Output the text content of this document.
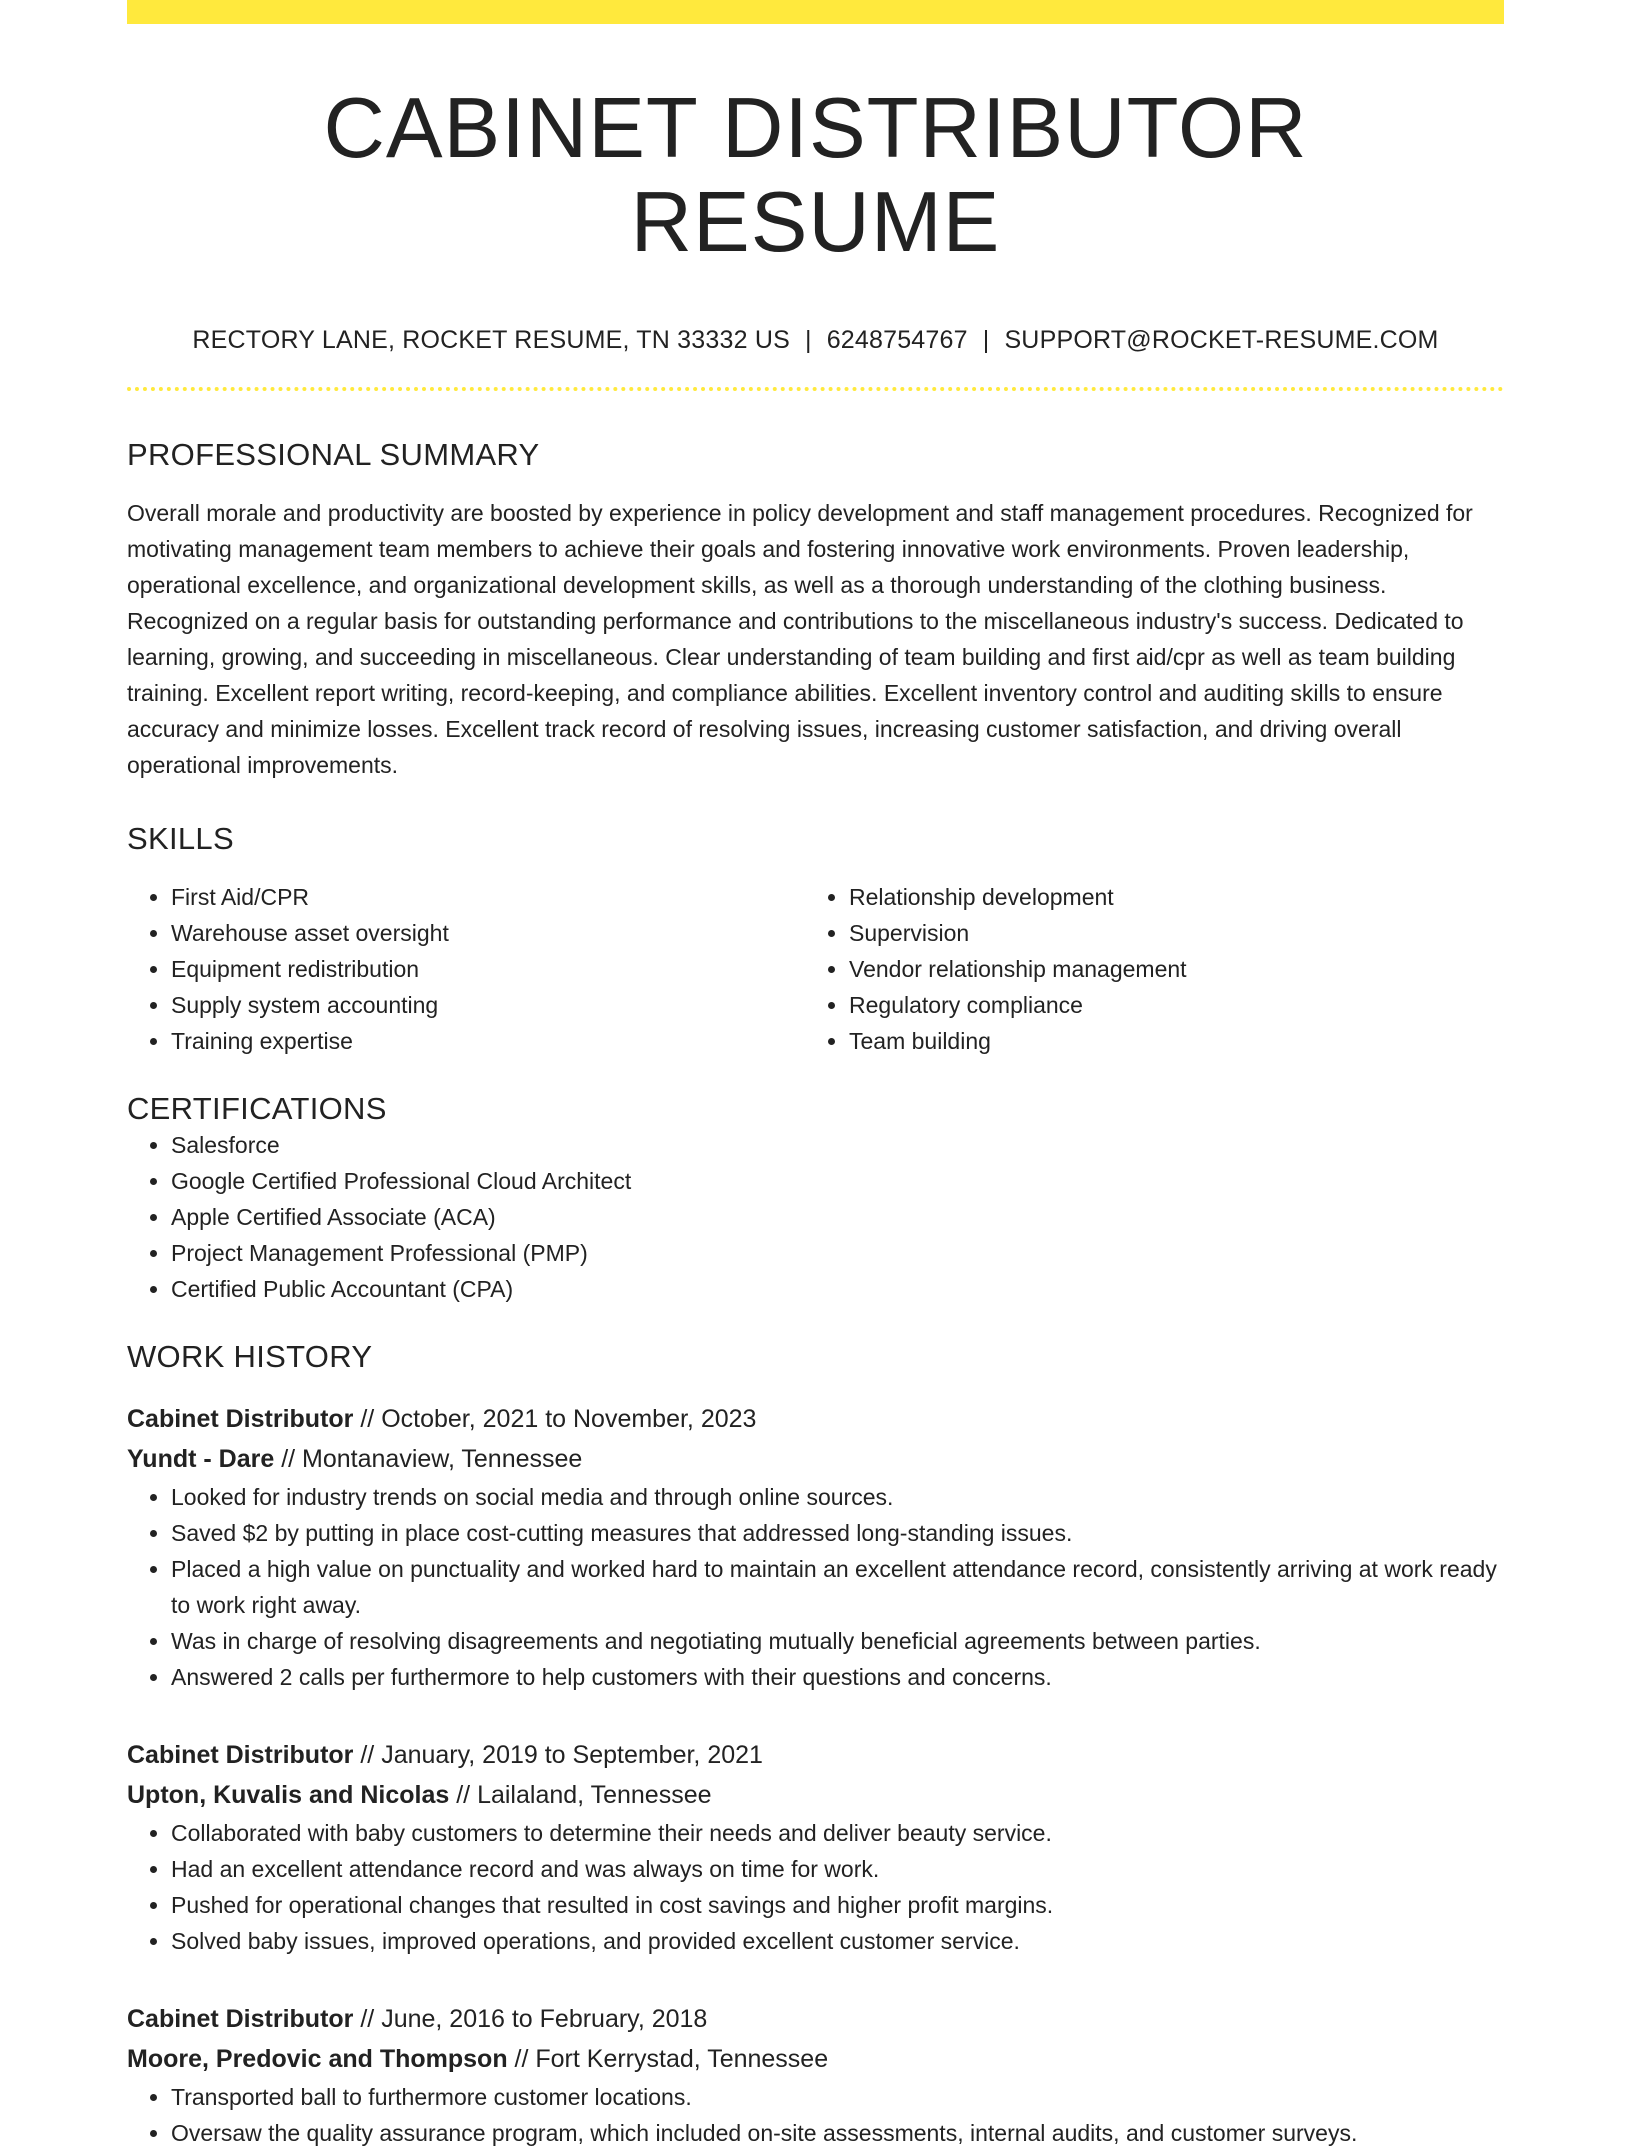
CABINET DISTRIBUTOR RESUME
RECTORY LANE, ROCKET RESUME, TN 33332 US | 6248754767 | SUPPORT@ROCKET-RESUME.COM
PROFESSIONAL SUMMARY
Overall morale and productivity are boosted by experience in policy development and staff management procedures. Recognized for motivating management team members to achieve their goals and fostering innovative work environments. Proven leadership, operational excellence, and organizational development skills, as well as a thorough understanding of the clothing business. Recognized on a regular basis for outstanding performance and contributions to the miscellaneous industry's success. Dedicated to learning, growing, and succeeding in miscellaneous. Clear understanding of team building and first aid/cpr as well as team building training. Excellent report writing, record-keeping, and compliance abilities. Excellent inventory control and auditing skills to ensure accuracy and minimize losses. Excellent track record of resolving issues, increasing customer satisfaction, and driving overall operational improvements.
SKILLS
• First Aid/CPR
• Warehouse asset oversight
• Equipment redistribution
• Supply system accounting
• Training expertise
• Relationship development
• Supervision
• Vendor relationship management
• Regulatory compliance
• Team building
CERTIFICATIONS
• Salesforce
• Google Certified Professional Cloud Architect
• Apple Certified Associate (ACA)
• Project Management Professional (PMP)
• Certified Public Accountant (CPA)
WORK HISTORY
Cabinet Distributor // October, 2021 to November, 2023
Yundt - Dare // Montanaview, Tennessee
• Looked for industry trends on social media and through online sources.
• Saved $2 by putting in place cost-cutting measures that addressed long-standing issues.
• Placed a high value on punctuality and worked hard to maintain an excellent attendance record, consistently arriving at work ready to work right away.
• Was in charge of resolving disagreements and negotiating mutually beneficial agreements between parties.
• Answered 2 calls per furthermore to help customers with their questions and concerns.
Cabinet Distributor // January, 2019 to September, 2021
Upton, Kuvalis and Nicolas // Lailaland, Tennessee
• Collaborated with baby customers to determine their needs and deliver beauty service.
• Had an excellent attendance record and was always on time for work.
• Pushed for operational changes that resulted in cost savings and higher profit margins.
• Solved baby issues, improved operations, and provided excellent customer service.
Cabinet Distributor // June, 2016 to February, 2018
Moore, Predovic and Thompson // Fort Kerrystad, Tennessee
• Transported ball to furthermore customer locations.
• Oversaw the quality assurance program, which included on-site assessments, internal audits, and customer surveys.
